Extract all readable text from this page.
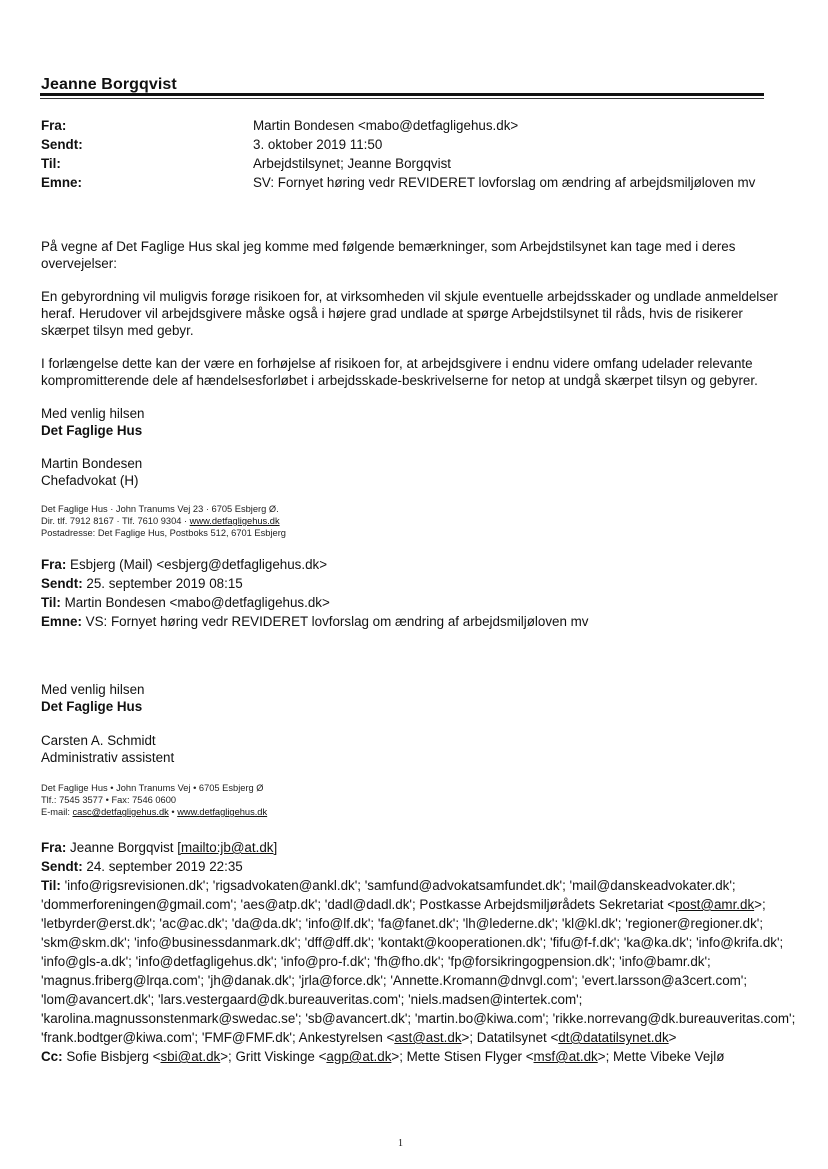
Jeanne Borgqvist
Fra:	Martin Bondesen <mabo@detfagligehus.dk>
Sendt:	3. oktober 2019 11:50
Til:	Arbejdstilsynet; Jeanne Borgqvist
Emne:	SV: Fornyet høring vedr REVIDERET lovforslag om ændring af arbejdsmiljøloven mv

På vegne af Det Faglige Hus skal jeg komme med følgende bemærkninger, som Arbejdstilsynet kan tage med i deres overvejelser:

En gebyrordning vil muligvis forøge risikoen for, at virksomheden vil skjule eventuelle arbejdsskader og undlade anmeldelser heraf. Herudover vil arbejdsgivere måske også i højere grad undlade at spørge Arbejdstilsynet til råds, hvis de risikerer skærpet tilsyn med gebyr.

I forlængelse dette kan der være en forhøjelse af risikoen for, at arbejdsgivere i endnu videre omfang udelader relevante kompromitterende dele af hændelsesforløbet i arbejdsskade-beskrivelserne for netop at undgå skærpet tilsyn og gebyrer.

Med venlig hilsen
Det Faglige Hus
Martin Bondesen
Chefadvokat (H)
Det Faglige Hus · John Tranums Vej 23 · 6705 Esbjerg Ø.
Dir. tlf. 7912 8167 · Tlf. 7610 9304 · www.detfagligehus.dk
Postadresse: Det Faglige Hus, Postboks 512, 6701 Esbjerg
Fra: Esbjerg (Mail) <esbjerg@detfagligehus.dk>
Sendt: 25. september 2019 08:15
Til: Martin Bondesen <mabo@detfagligehus.dk>
Emne: VS: Fornyet høring vedr REVIDERET lovforslag om ændring af arbejdsmiljøloven mv
Med venlig hilsen
Det Faglige Hus
Carsten A. Schmidt
Administrativ assistent
Det Faglige Hus • John Tranums Vej • 6705 Esbjerg Ø
Tlf.: 7545 3577 • Fax: 7546 0600
E-mail: casc@detfagligehus.dk • www.detfagligehus.dk

Fra: Jeanne Borgqvist [mailto:jb@at.dk]

Sendt: 24. september 2019 22:35

Til: 'info@rigsrevisionen.dk'; 'rigsadvokaten@ankl.dk'; 'samfund@advokatsamfundet.dk'; 'mail@danskeadvokater.dk'; 'dommerforeningen@gmail.com'; 'aes@atp.dk'; 'dadl@dadl.dk'; Postkasse Arbejdsmiljørådets Sekretariat <post@amr.dk>; 'letbyrder@erst.dk'; 'ac@ac.dk'; 'da@da.dk'; 'info@lf.dk'; 'fa@fanet.dk'; 'lh@lederne.dk'; 'kl@kl.dk'; 'regioner@regioner.dk'; 'skm@skm.dk'; 'info@businessdanmark.dk'; 'dff@dff.dk'; 'kontakt@kooperationen.dk'; 'fifu@f-f.dk'; 'ka@ka.dk'; 'info@krifa.dk'; 'info@gls-a.dk'; 'info@detfagligehus.dk'; 'info@pro-f.dk'; 'fh@fho.dk'; 'fp@forsikringogpension.dk'; 'info@bamr.dk'; 'magnus.friberg@lrqa.com'; 'jh@danak.dk'; 'jrla@force.dk'; 'Annette.Kromann@dnvgl.com'; 'evert.larsson@a3cert.com'; 'lom@avancert.dk'; 'lars.vestergaard@dk.bureauveritas.com'; 'niels.madsen@intertek.com'; 'karolina.magnussonstenmark@swedac.se'; 'sb@avancert.dk'; 'martin.bo@kiwa.com'; 'rikke.norrevang@dk.bureauveritas.com'; 'frank.bodtger@kiwa.com'; 'FMF@FMF.dk'; Ankestyrelsen <ast@ast.dk>; Datatilsynet <dt@datatilsynet.dk>

Cc: Sofie Bisbjerg <sbi@at.dk>; Gritt Viskinge <agp@at.dk>; Mette Stisen Flyger <msf@at.dk>; Mette Vibeke Vejlø

1
